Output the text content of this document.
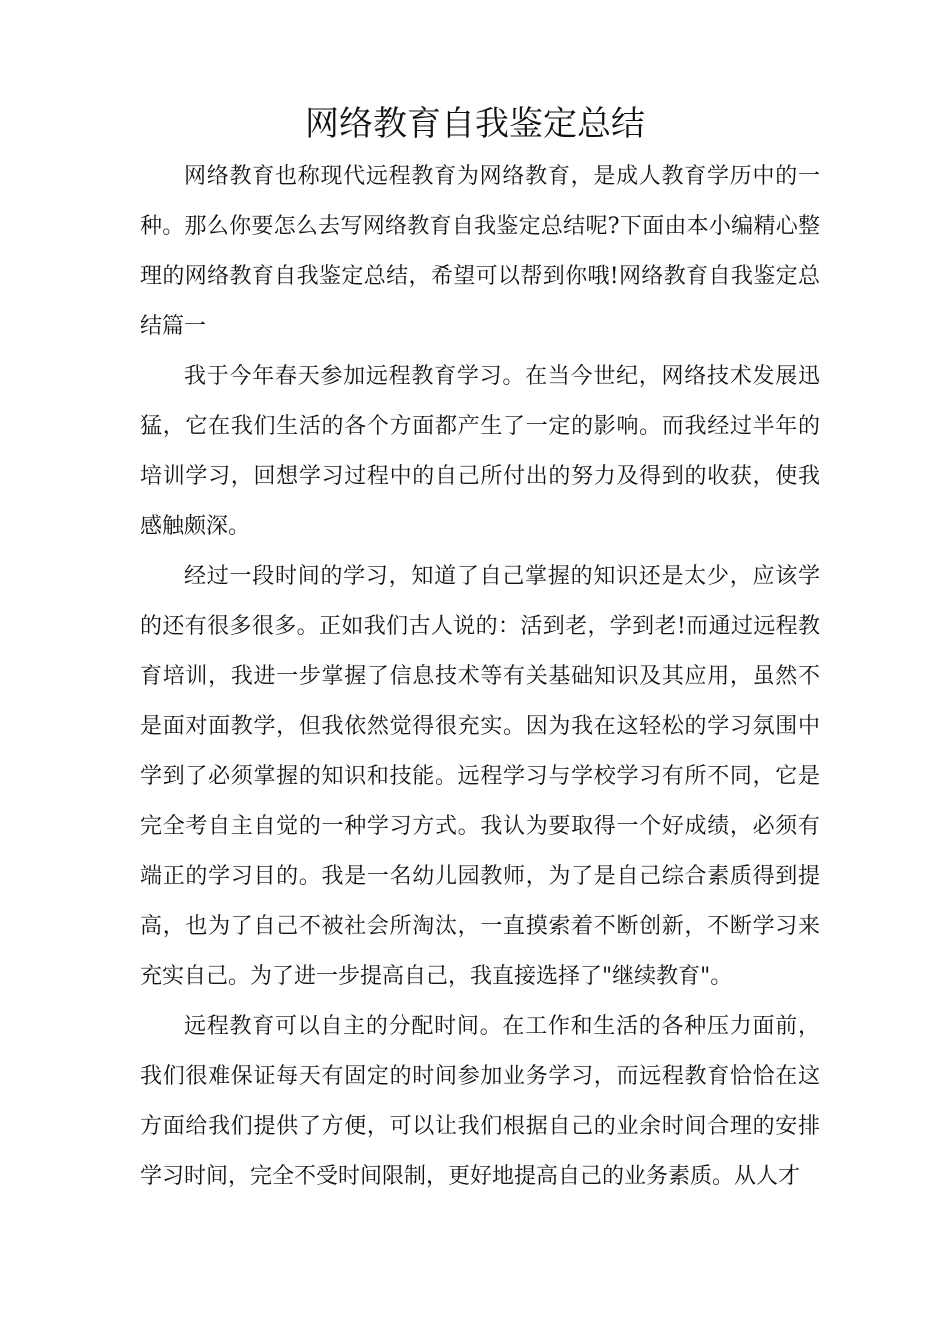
网络教育自我鉴定总结

网络教育也称现代远程教育为网络教育，是成人教育学历中的一种。那么你要怎么去写网络教育自我鉴定总结呢?下面由本小编精心整理的网络教育自我鉴定总结，希望可以帮到你哦!网络教育自我鉴定总结篇一

我于今年春天参加远程教育学习。在当今世纪，网络技术发展迅猛，它在我们生活的各个方面都产生了一定的影响。而我经过半年的培训学习，回想学习过程中的自己所付出的努力及得到的收获，使我感触颇深。

经过一段时间的学习，知道了自己掌握的知识还是太少，应该学的还有很多很多。正如我们古人说的：活到老，学到老!而通过远程教育培训，我进一步掌握了信息技术等有关基础知识及其应用，虽然不是面对面教学，但我依然觉得很充实。因为我在这轻松的学习氛围中学到了必须掌握的知识和技能。远程学习与学校学习有所不同，它是完全考自主自觉的一种学习方式。我认为要取得一个好成绩，必须有端正的学习目的。我是一名幼儿园教师，为了是自己综合素质得到提高，也为了自己不被社会所淘汰，一直摸索着不断创新，不断学习来充实自己。为了进一步提高自己，我直接选择了"继续教育"。

远程教育可以自主的分配时间。在工作和生活的各种压力面前，我们很难保证每天有固定的时间参加业务学习，而远程教育恰恰在这方面给我们提供了方便，可以让我们根据自己的业余时间合理的安排学习时间，完全不受时间限制，更好地提高自己的业务素质。从人才
